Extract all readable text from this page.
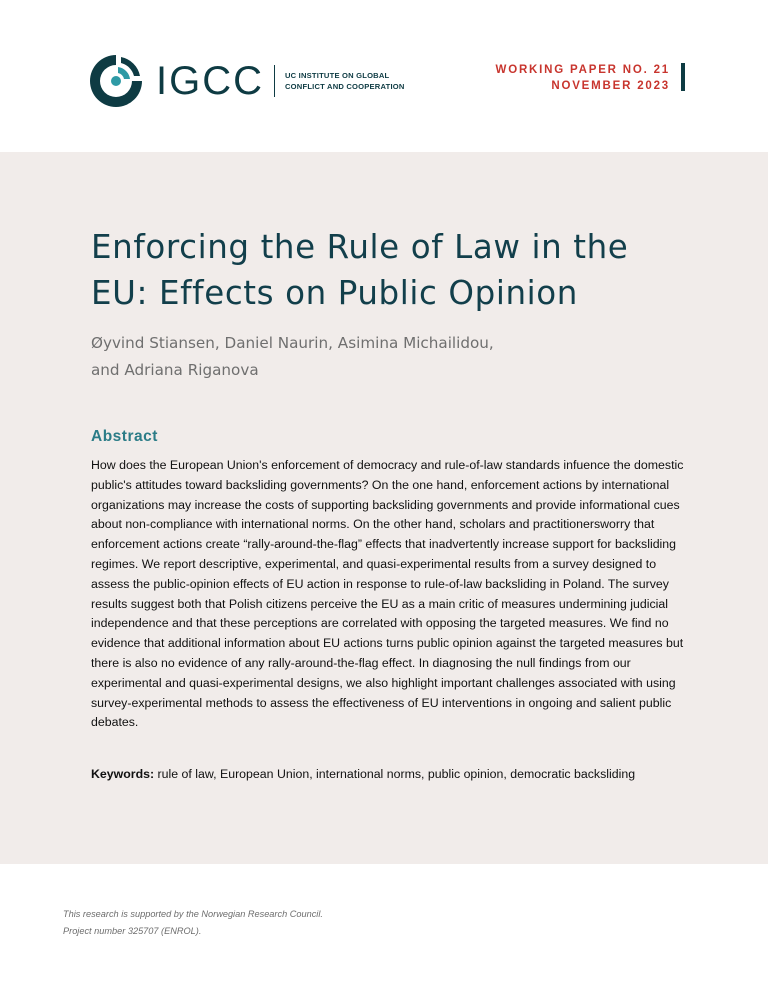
IGCC	UC INSTITUTE ON GLOBAL
CONFLICT AND COOPERATION
WORKING PAPER NO. 21
NOVEMBER 2023
Enforcing the Rule of Law in the EU: Effects on Public Opinion
Øyvind Stiansen, Daniel Naurin, Asimina Michailidou,
and Adriana Riganova
Abstract

How does the European Union's enforcement of democracy and rule-of-law standards infuence the domestic public's attitudes toward backsliding governments? On the one hand, enforcement actions by international organizations may increase the costs of supporting backsliding governments and provide informational cues about non-compliance with international norms. On the other hand, scholars and practitionersworry that enforcement actions create “rally-around-the-flag” effects that inadvertently increase support for backsliding regimes. We report descriptive, experimental, and quasi-experimental results from a survey designed to assess the public-opinion effects of EU action in response to rule-of-law backsliding in Poland. The survey results suggest both that Polish citizens perceive the EU as a main critic of measures undermining judicial independence and that these perceptions are correlated with opposing the targeted measures. We find no evidence that additional information about EU actions turns public opinion against the targeted measures but there is also no evidence of any rally-around-the-flag effect. In diagnosing the null findings from our experimental and quasi-experimental designs, we also highlight important challenges associated with using survey-experimental methods to assess the effectiveness of EU interventions in ongoing and salient public debates.

Keywords: rule of law, European Union, international norms, public opinion, democratic backsliding
This research is supported by the Norwegian Research Council.
Project number 325707 (ENROL).
